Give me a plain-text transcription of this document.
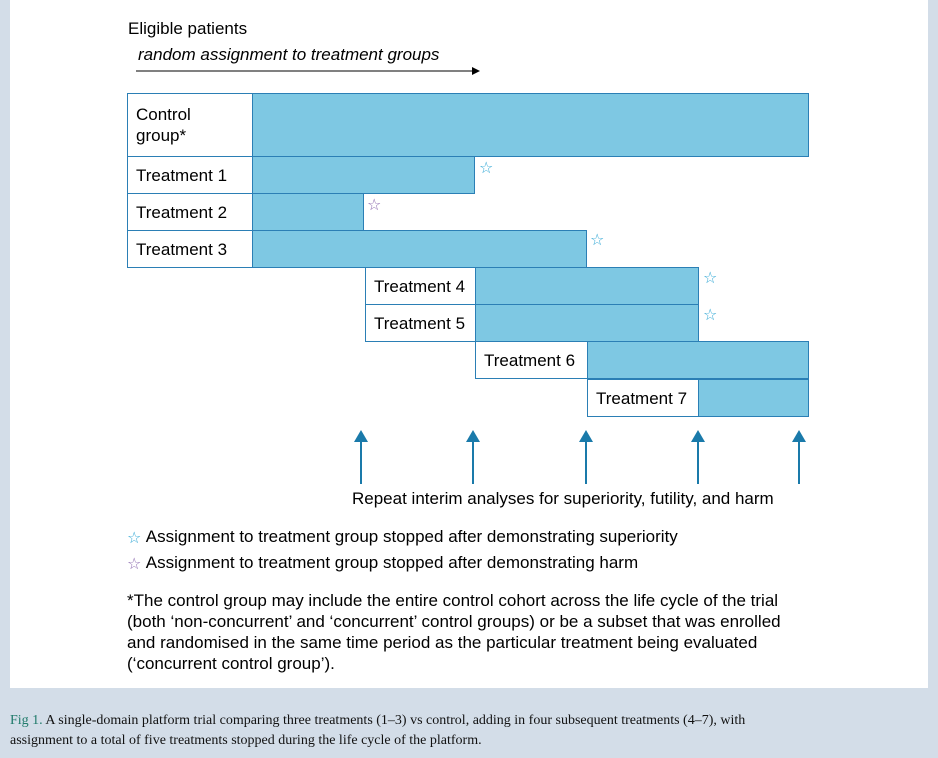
Eligible patients
random assignment to treatment groups
Control
group*
Treatment 1	☆
Treatment 2	☆
Treatment 3	☆
Treatment 4	☆
Treatment 5	☆
Treatment 6
Treatment 7
Repeat interim analyses for superiority, futility, and harm
☆ Assignment to treatment group stopped after demonstrating superiority
☆ Assignment to treatment group stopped after demonstrating harm
*The control group may include the entire control cohort across the life cycle of the trial
(both ‘non-concurrent’ and ‘concurrent’ control groups) or be a subset that was enrolled
and randomised in the same time period as the particular treatment being evaluated
(‘concurrent control group’).
Fig 1. A single-domain platform trial comparing three treatments (1–3) vs control, adding in four subsequent treatments (4–7), with
assignment to a total of five treatments stopped during the life cycle of the platform.
